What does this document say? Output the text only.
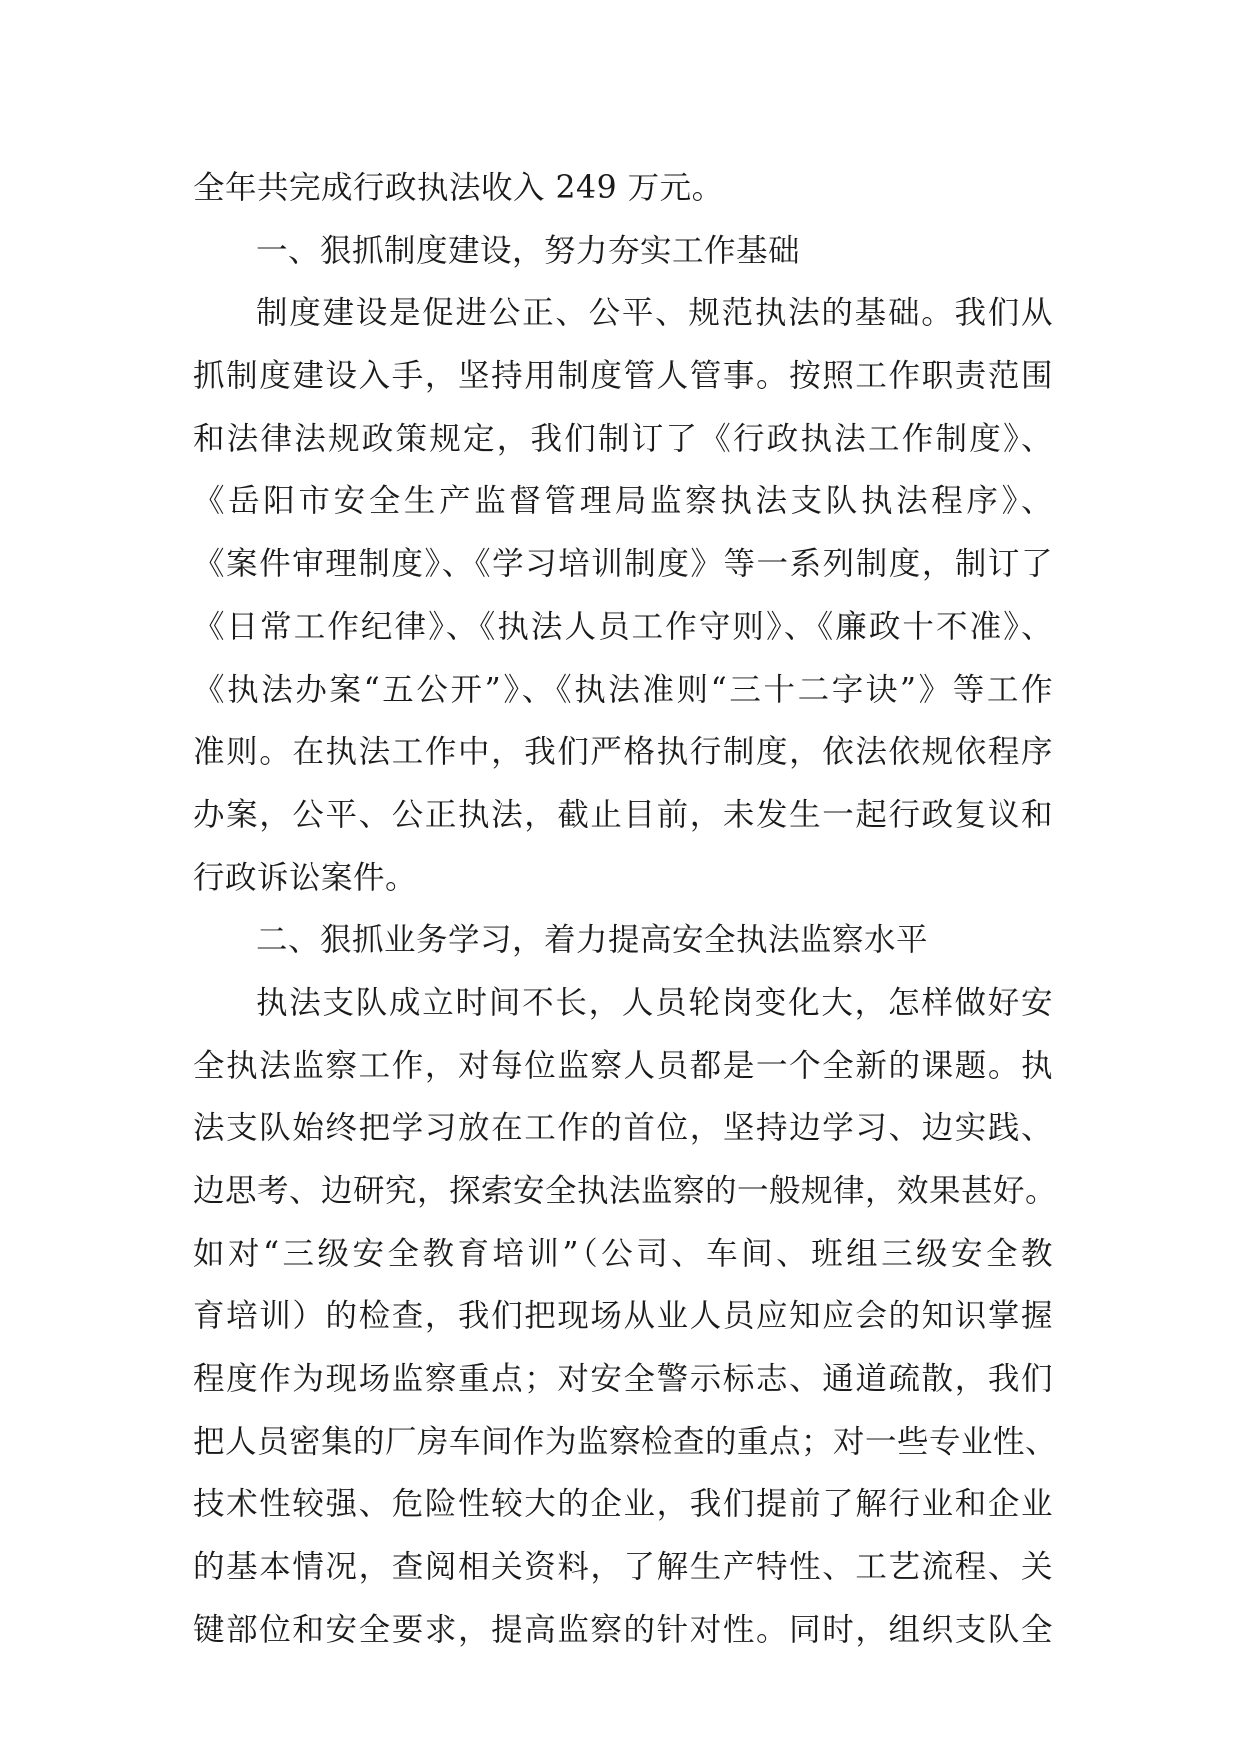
全年共完成行政执法收入 249 万元。
一、狠抓制度建设，努力夯实工作基础
制度建设是促进公正、公平、规范执法的基础。我们从
抓制度建设入手，坚持用制度管人管事。按照工作职责范围
和法律法规政策规定，我们制订了《行政执法工作制度》、
《岳阳市安全生产监督管理局监察执法支队执法程序》、
《案件审理制度》、《学习培训制度》等一系列制度，制订了
《日常工作纪律》、《执法人员工作守则》、《廉政十不准》、
《执法办案“五公开”》、《执法准则“三十二字诀”》等工作
准则。在执法工作中，我们严格执行制度，依法依规依程序
办案，公平、公正执法，截止目前，未发生一起行政复议和
行政诉讼案件。
二、狠抓业务学习，着力提高安全执法监察水平
执法支队成立时间不长，人员轮岗变化大，怎样做好安
全执法监察工作，对每位监察人员都是一个全新的课题。执
法支队始终把学习放在工作的首位，坚持边学习、边实践、
边思考、边研究，探索安全执法监察的一般规律，效果甚好。
如对“三级安全教育培训”（公司、车间、班组三级安全教
育培训）的检查，我们把现场从业人员应知应会的知识掌握
程度作为现场监察重点；对安全警示标志、通道疏散，我们
把人员密集的厂房车间作为监察检查的重点；对一些专业性、
技术性较强、危险性较大的企业，我们提前了解行业和企业
的基本情况，查阅相关资料，了解生产特性、工艺流程、关
键部位和安全要求，提高监察的针对性。同时，组织支队全
